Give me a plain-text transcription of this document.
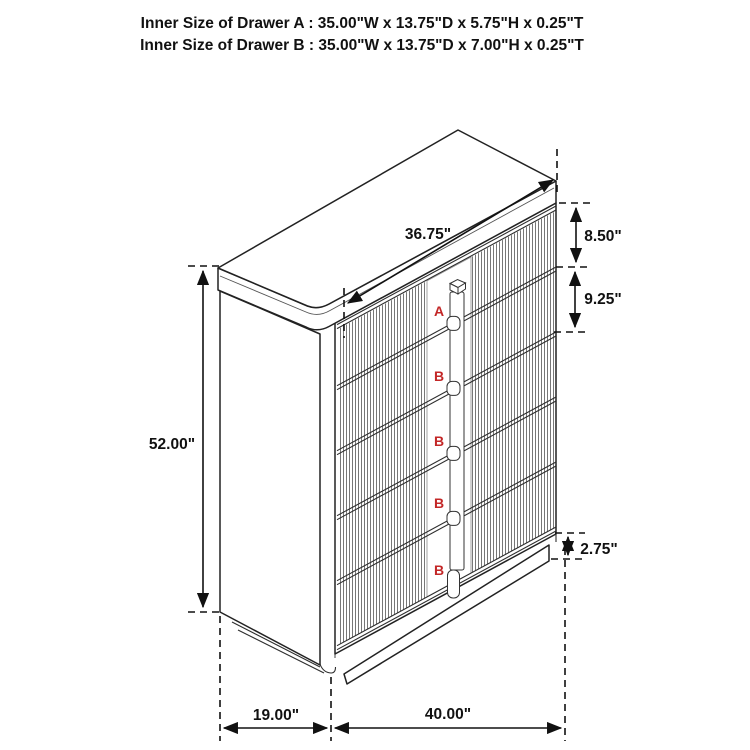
Inner Size of Drawer A : 35.00"W x 13.75"D x 5.75"H x 0.25"T
Inner Size of Drawer B : 35.00"W x 13.75"D x 7.00"H x 0.25"T
A
B
B
B
B
36.75"	8.50"
9.25"
52.00"
2.75"
19.00"	40.00"
